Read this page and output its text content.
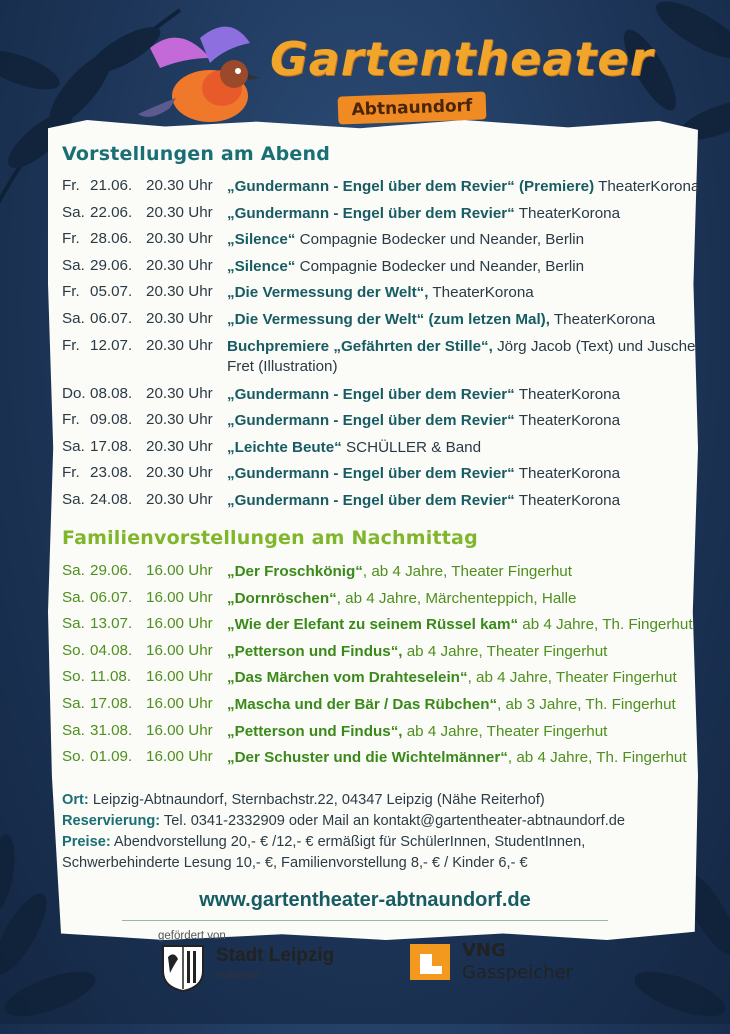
Gartentheater
Abtnaundorf
Vorstellungen am Abend
Fr. 21.06. 20.30 Uhr „Gundermann - Engel über dem Revier“ (Premiere) TheaterKorona
Sa. 22.06. 20.30 Uhr „Gundermann - Engel über dem Revier“ TheaterKorona
Fr. 28.06. 20.30 Uhr „Silence“ Compagnie Bodecker und Neander, Berlin
Sa. 29.06. 20.30 Uhr „Silence“ Compagnie Bodecker und Neander, Berlin
Fr. 05.07. 20.30 Uhr „Die Vermessung der Welt“, TheaterKorona
Sa. 06.07. 20.30 Uhr „Die Vermessung der Welt“ (zum letzen Mal), TheaterKorona
Fr. 12.07. 20.30 Uhr Buchpremiere „Gefährten der Stille“, Jörg Jacob (Text) und Jusche Fret (Illustration)
Do. 08.08. 20.30 Uhr „Gundermann - Engel über dem Revier“ TheaterKorona
Fr. 09.08. 20.30 Uhr „Gundermann - Engel über dem Revier“ TheaterKorona
Sa. 17.08. 20.30 Uhr „Leichte Beute“ SCHÜLLER & Band
Fr. 23.08. 20.30 Uhr „Gundermann - Engel über dem Revier“ TheaterKorona
Sa. 24.08. 20.30 Uhr „Gundermann - Engel über dem Revier“ TheaterKorona
Familienvorstellungen am Nachmittag
Sa. 29.06. 16.00 Uhr „Der Froschkönig“, ab 4 Jahre, Theater Fingerhut
Sa. 06.07. 16.00 Uhr „Dornröschen“, ab 4 Jahre, Märchenteppich, Halle
Sa. 13.07. 16.00 Uhr „Wie der Elefant zu seinem Rüssel kam“ ab 4 Jahre, Th. Fingerhut
So. 04.08. 16.00 Uhr „Petterson und Findus“, ab 4 Jahre, Theater Fingerhut
So. 11.08. 16.00 Uhr „Das Märchen vom Drahteselein“, ab 4 Jahre, Theater Fingerhut
Sa. 17.08. 16.00 Uhr „Mascha und der Bär / Das Rübchen“, ab 3 Jahre, Th. Fingerhut
Sa. 31.08. 16.00 Uhr „Petterson und Findus“, ab 4 Jahre, Theater Fingerhut
So. 01.09. 16.00 Uhr „Der Schuster und die Wichtelmänner“, ab 4 Jahre, Th. Fingerhut
Ort: Leipzig-Abtnaundorf, Sternbachstr.22, 04347 Leipzig (Nähe Reiterhof)
Reservierung: Tel. 0341-2332909 oder Mail an kontakt@gartentheater-abtnaundorf.de
Preise: Abendvorstellung 20,- € /12,- € ermäßigt für SchülerInnen, StudentInnen, Schwerbehinderte Lesung 10,- €, Familienvorstellung 8,- € / Kinder 6,- €
www.gartentheater-abtnaundorf.de
gefördert von
Stadt Leipzig
Kulturamt
VNG
Gasspeicher
